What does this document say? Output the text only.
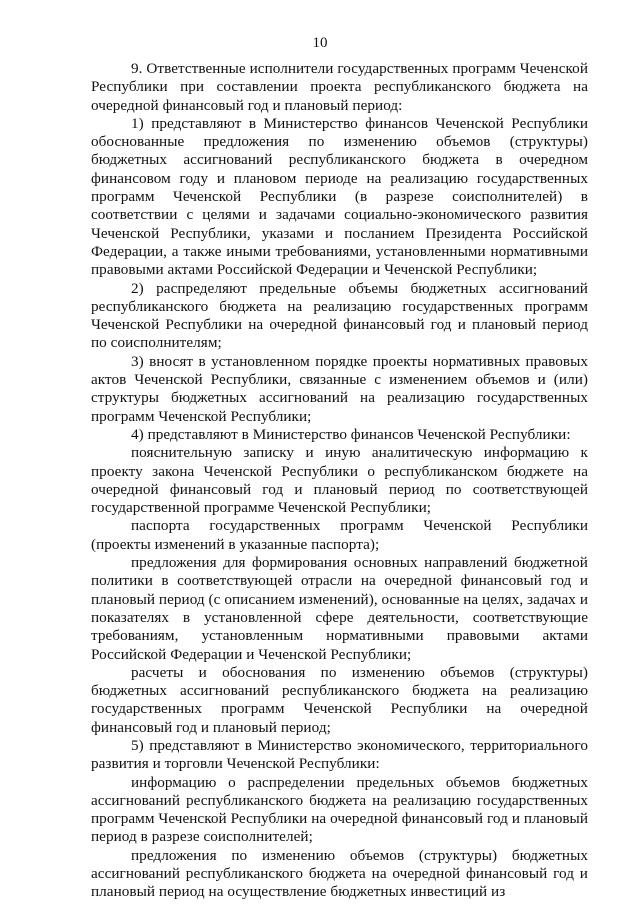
10

9. Ответственные исполнители государственных программ Чеченской Республики при составлении проекта республиканского бюджета на очередной финансовый год и плановый период:

1) представляют в Министерство финансов Чеченской Республики обоснованные предложения по изменению объемов (структуры) бюджетных ассигнований республиканского бюджета в очередном финансовом году и плановом периоде на реализацию государственных программ Чеченской Республики (в разрезе соисполнителей) в соответствии с целями и задачами социально-экономического развития Чеченской Республики, указами и посланием Президента Российской Федерации, а также иными требованиями, установленными нормативными правовыми актами Российской Федерации и Чеченской Республики;

2) распределяют предельные объемы бюджетных ассигнований республиканского бюджета на реализацию государственных программ Чеченской Республики на очередной финансовый год и плановый период по соисполнителям;

3) вносят в установленном порядке проекты нормативных правовых актов Чеченской Республики, связанные с изменением объемов и (или) структуры бюджетных ассигнований на реализацию государственных программ Чеченской Республики;

4) представляют в Министерство финансов Чеченской Республики:

пояснительную записку и иную аналитическую информацию к проекту закона Чеченской Республики о республиканском бюджете на очередной финансовый год и плановый период по соответствующей государственной программе Чеченской Республики;

паспорта государственных программ Чеченской Республики (проекты изменений в указанные паспорта);

предложения для формирования основных направлений бюджетной политики в соответствующей отрасли на очередной финансовый год и плановый период (с описанием изменений), основанные на целях, задачах и показателях в установленной сфере деятельности, соответствующие требованиям, установленным нормативными правовыми актами Российской Федерации и Чеченской Республики;

расчеты и обоснования по изменению объемов (структуры) бюджетных ассигнований республиканского бюджета на реализацию государственных программ Чеченской Республики на очередной финансовый год и плановый период;

5) представляют в Министерство экономического, территориального развития и торговли Чеченской Республики:

информацию о распределении предельных объемов бюджетных ассигнований республиканского бюджета на реализацию государственных программ Чеченской Республики на очередной финансовый год и плановый период в разрезе соисполнителей;

предложения по изменению объемов (структуры) бюджетных ассигнований республиканского бюджета на очередной финансовый год и плановый период на осуществление бюджетных инвестиций из
